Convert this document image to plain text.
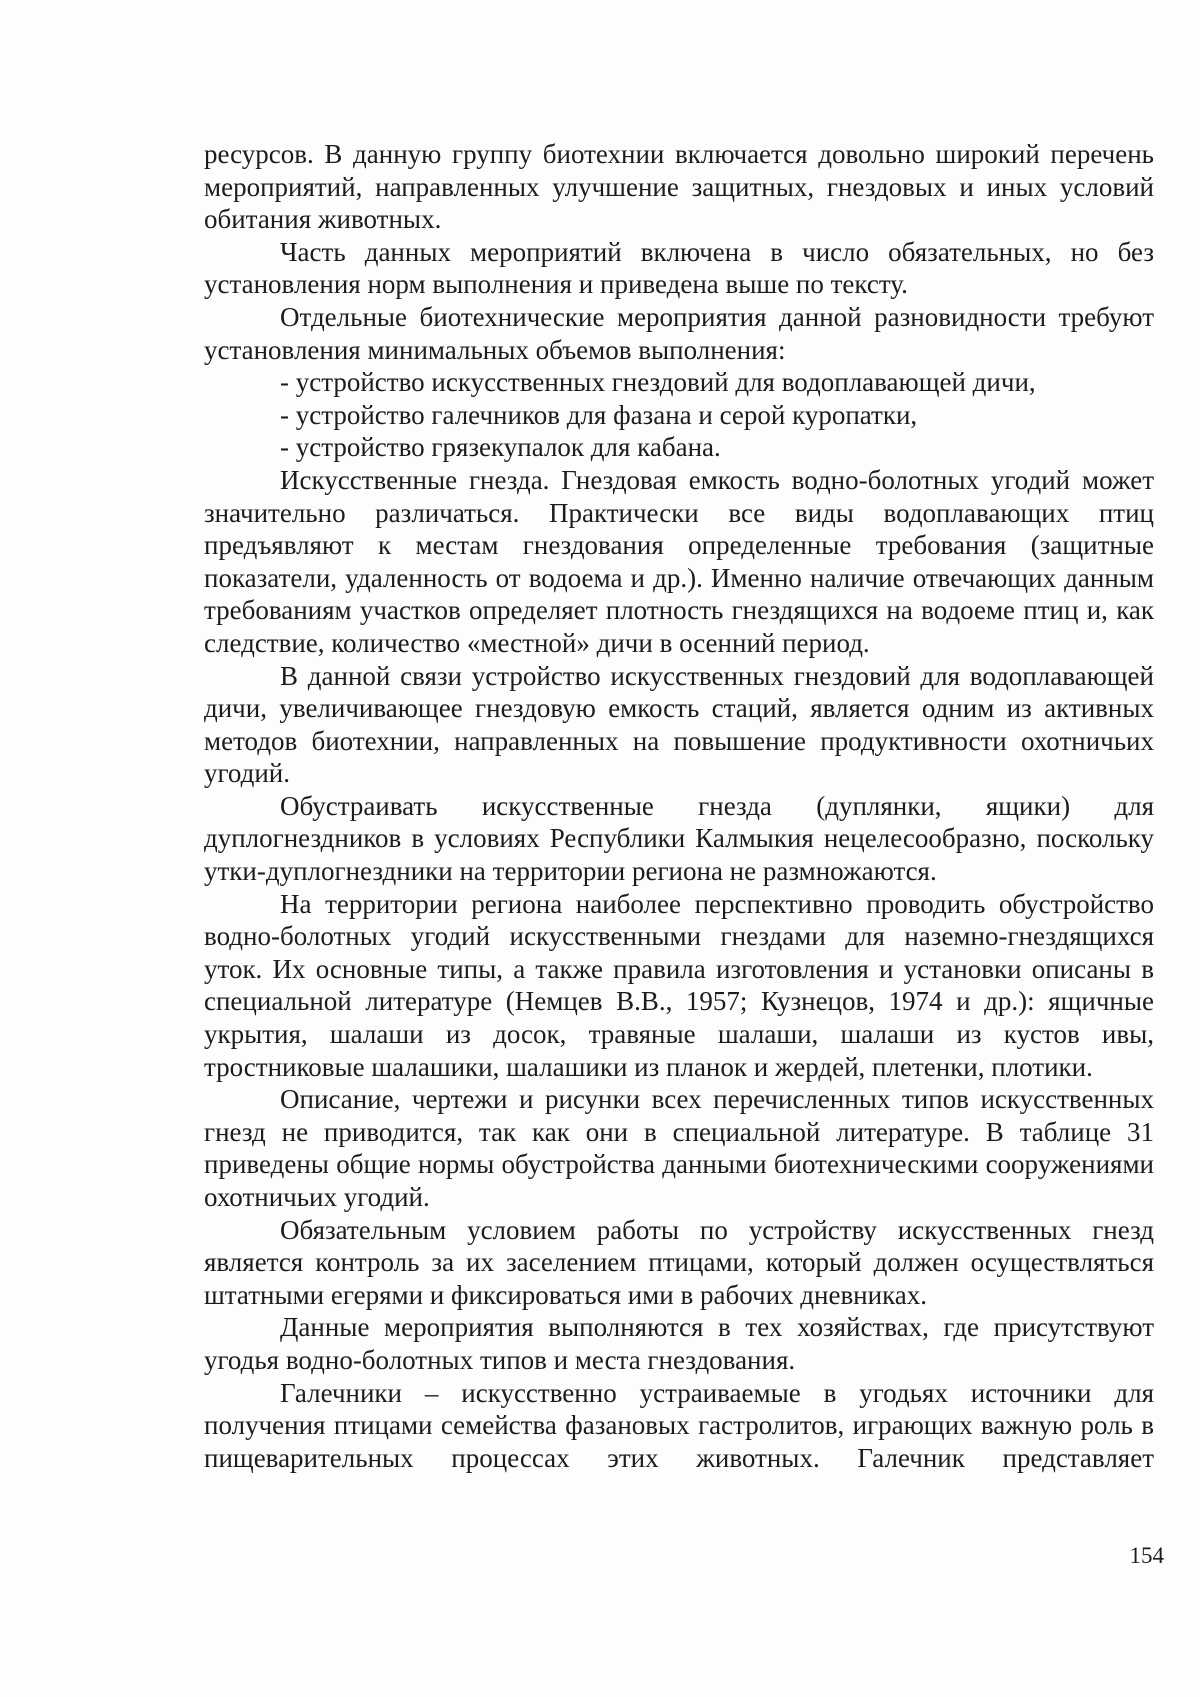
ресурсов. В данную группу биотехнии включается довольно широкий перечень мероприятий, направленных улучшение защитных, гнездовых и иных условий обитания животных.

Часть данных мероприятий включена в число обязательных, но без установления норм выполнения и приведена выше по тексту.

Отдельные биотехнические мероприятия данной разновидности требуют установления минимальных объемов выполнения:

- устройство искусственных гнездовий для водоплавающей дичи,

- устройство галечников для фазана и серой куропатки,

- устройство грязекупалок для кабана.

Искусственные гнезда. Гнездовая емкость водно-болотных угодий может значительно различаться. Практически все виды водоплавающих птиц предъявляют к местам гнездования определенные требования (защитные показатели, удаленность от водоема и др.). Именно наличие отвечающих данным требованиям участков определяет плотность гнездящихся на водоеме птиц и, как следствие, количество «местной» дичи в осенний период.

В данной связи устройство искусственных гнездовий для водоплавающей дичи, увеличивающее гнездовую емкость стаций, является одним из активных методов биотехнии, направленных на повышение продуктивности охотничьих угодий.

Обустраивать искусственные гнезда (дуплянки, ящики) для дуплогнездников в условиях Республики Калмыкия нецелесообразно, поскольку утки-дуплогнездники на территории региона не размножаются.

На территории региона наиболее перспективно проводить обустройство водно-болотных угодий искусственными гнездами для наземно-гнездящихся уток. Их основные типы, а также правила изготовления и установки описаны в специальной литературе (Немцев В.В., 1957; Кузнецов, 1974 и др.): ящичные укрытия, шалаши из досок, травяные шалаши, шалаши из кустов ивы, тростниковые шалашики, шалашики из планок и жердей, плетенки, плотики.

Описание, чертежи и рисунки всех перечисленных типов искусственных гнезд не приводится, так как они в специальной литературе. В таблице 31 приведены общие нормы обустройства данными биотехническими сооружениями охотничьих угодий.

Обязательным условием работы по устройству искусственных гнезд является контроль за их заселением птицами, который должен осуществляться штатными егерями и фиксироваться ими в рабочих дневниках.

Данные мероприятия выполняются в тех хозяйствах, где присутствуют угодья водно-болотных типов и места гнездования.

Галечники – искусственно устраиваемые в угодьях источники для получения птицами семейства фазановых гастролитов, играющих важную роль в пищеварительных процессах этих животных. Галечник представляет

154
